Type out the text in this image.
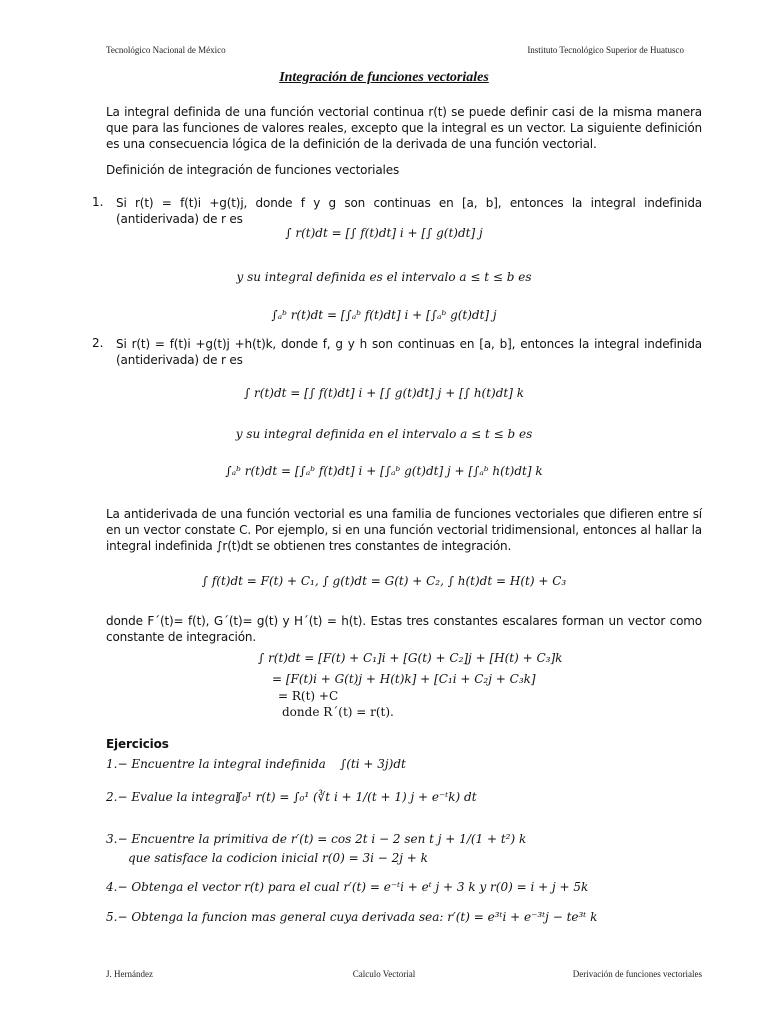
Tecnológico Nacional de México	Instituto Tecnológico Superior de Huatusco
Integración de funciones vectoriales
La integral definida de una función vectorial continua r(t) se puede definir casi de la misma manera que para las funciones de valores reales, excepto que la integral es un vector. La siguiente definición es una consecuencia lógica de la definición de la derivada de una función vectorial.
Definición de integración de funciones vectoriales
1. Si r(t) = f(t)i +g(t)j, donde f y g son continuas en [a, b], entonces la integral indefinida (antiderivada) de r es
∫ r(t)dt = [∫ f(t)dt] i + [∫ g(t)dt] j
y su integral definida es el intervalo a ≤ t ≤ b es
∫ₐᵇ r(t)dt = [∫ₐᵇ f(t)dt] i + [∫ₐᵇ g(t)dt] j
2. Si r(t) = f(t)i +g(t)j +h(t)k, donde f, g y h son continuas en [a, b], entonces la integral indefinida (antiderivada) de r es
∫ r(t)dt = [∫ f(t)dt] i + [∫ g(t)dt] j + [∫ h(t)dt] k
y su integral definida en el intervalo a ≤ t ≤ b es
∫ₐᵇ r(t)dt = [∫ₐᵇ f(t)dt] i + [∫ₐᵇ g(t)dt] j + [∫ₐᵇ h(t)dt] k
La antiderivada de una función vectorial es una familia de funciones vectoriales que difieren entre sí en un vector constate C. Por ejemplo, si en una función vectorial tridimensional, entonces al hallar la integral indefinida ∫r(t)dt se obtienen tres constantes de integración.
∫ f(t)dt = F(t) + C₁, ∫ g(t)dt = G(t) + C₂, ∫ h(t)dt = H(t) + C₃
donde F´(t)= f(t), G´(t)= g(t) y H´(t) = h(t). Estas tres constantes escalares forman un vector como constante de integración.
∫ r(t)dt = [F(t) + C₁]i + [G(t) + C₂]j + [H(t) + C₃]k
= [F(t)i + G(t)j + H(t)k] + [C₁i + C₂j + C₃k]
= R(t) +C
donde R´(t) = r(t).
Ejercicios
1.− Encuentre la integral indefinida ∫(ti + 3j)dt
2.− Evalue la integral
∫₀¹ r(t) = ∫₀¹ (∛t i + 1/(t + 1) j + e⁻ᵗk) dt
3.− Encuentre la primitiva de r′(t) = cos 2t i − 2 sen t j + 1/(1 + t²) k
que satisface la codicion inicial r(0) = 3i − 2j + k
4.− Obtenga el vector r(t) para el cual r′(t) = e⁻ᵗi + eᵗ j + 3 k y r(0) = i + j + 5k
5.− Obtenga la funcion mas general cuya derivada sea: r′(t) = e³ᵗi + e⁻³ᵗj − te³ᵗ k
J. Hernández	Calculo Vectorial	Derivación de funciones vectoriales
